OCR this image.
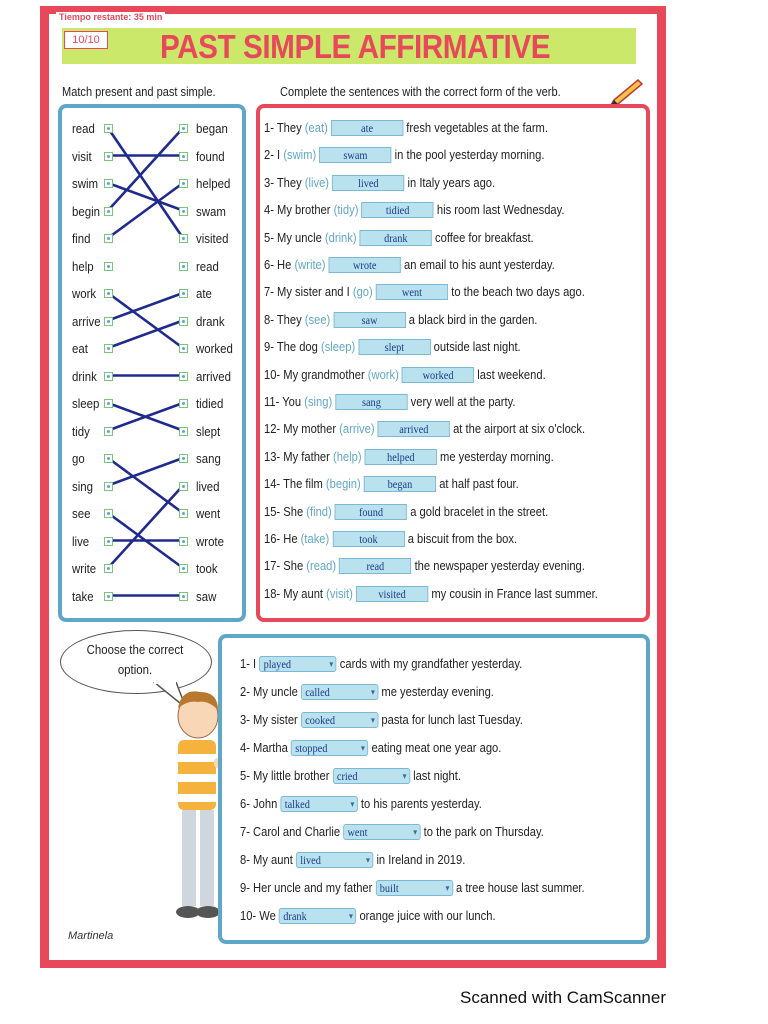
Tiempo restante: 35 min
10/10 PAST SIMPLE AFFIRMATIVE
Match present and past simple.	Complete the sentences with the correct form of the verb.
read
visit
swim
begin
find
help
work
arrive
eat
drink
sleep
tidy
go
sing
see
live
write
take
began
found
helped
swam
visited
read
ate
drank
worked
arrived
tidied
slept
sang
lived
went
wrote
took
saw
1- They (eat)	ate	fresh vegetables at the farm.
2- I (swim) swam in the pool yesterday morning.
3- They (live) lived in Italy years ago.
4- My brother (tidy) tidied his room last Wednesday.
5- My uncle (drink) drank coffee for breakfast.
6- He (write) wrote an email to his aunt yesterday.
7- My sister and I (go) went to the beach two days ago.
8- They (see)	saw a black bird in the garden.
9- The dog (sleep) slept outside last night.
10- My grandmother (work) worked last weekend.
11- You (sing) sang very well at the party.
12- My mother (arrive) arrived at the airport at six o'clock.
13- My father (help) helped me yesterday morning.
14- The film (begin) began at half past four.
15- She (find) found a gold bracelet in the street.
16- He (take)	took a biscuit from the box.
17- She (read)	read the newspaper yesterday evening.
18- My aunt (visit) visited my cousin in France last summer.
Choose the correct option.	1- I played	▾ cards with my grandfather yesterday.
2- My uncle called	▾ me yesterday evening.
3- My sister cooked	▾ pasta for lunch last Tuesday.
4- Martha stopped	▾ eating meat one year ago.
5- My little brother cried	▾ last night.
6- John talked	▾ to his parents yesterday.
7- Carol and Charlie went	▾ to the park on Thursday.
8- My aunt lived	▾ in Ireland in 2019.
9- Her uncle and my father built	▾ a tree house last summer.
10- We drank	▾ orange juice with our lunch.
Martinela
Scanned with CamScanner
